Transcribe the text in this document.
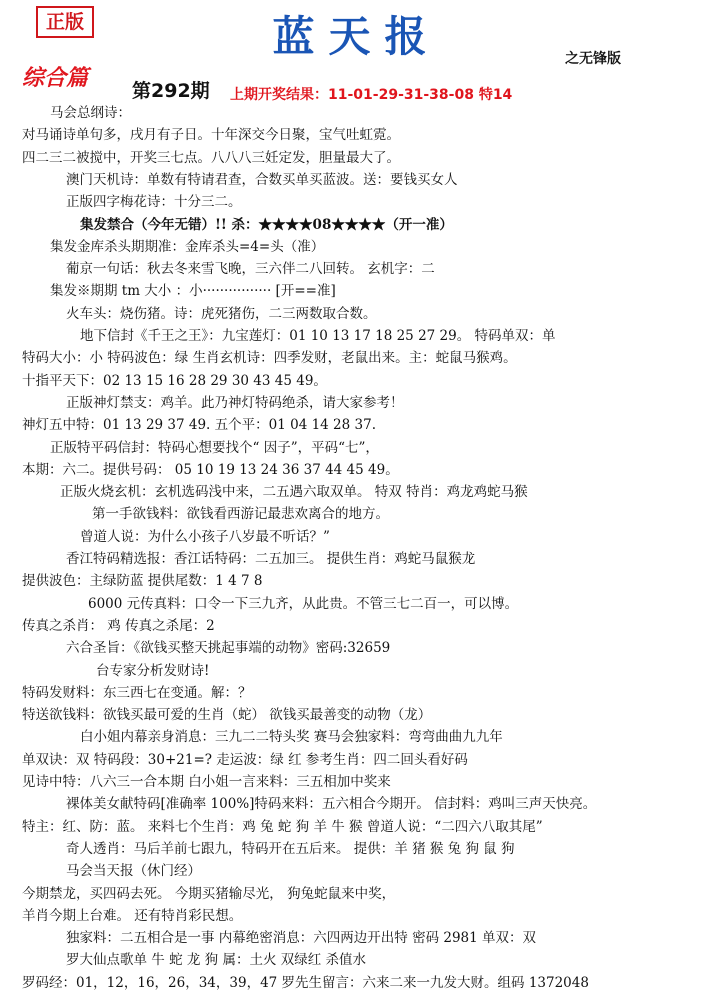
正版	蓝天报	之无锋版
综合篇 第292期 上期开奖结果：11-01-29-31-38-08 特14
马会总纲诗：
对马诵诗单句多，戌月有子日。十年深交今日聚，宝气吐虹霓。
四二三二被搅中，开奖三七点。八八八三妊定发，胆量最大了。
澳门天机诗：单数有特请君查，合数买单买蓝波。送：要钱买女人
正版四字梅花诗：十分三二。
集发禁合（今年无错）!! 杀：★★★★08★★★★（开一准）
集发金库杀头期期准：金库杀头=4=头（准）
葡京一句话：秋去冬来雪飞晚，三六伴二八回转。 玄机字：二
集发※期期 tm 大小 ：小················ [开==准]
火车头：烧伤猪。诗：虎死猪伤，二三两数取合数。
地下信封《千王之王》：九宝莲灯：01 10 13 17 18 25 27 29。 特码单双：单
特码大小：小 特码波色：绿 生肖玄机诗：四季发财，老鼠出来。主：蛇鼠马猴鸡。
十指平天下：02 13 15 16 28 29 30 43 45 49。
正版神灯禁支：鸡羊。此乃神灯特码绝杀，请大家参考！
神灯五中特：01 13 29 37 49. 五个平：01 04 14 28 37.
正版特平码信封：特码心想要找个“ 因子”，平码“七”，
本期：六二。提供号码： 05 10 19 13 24 36 37 44 45 49。
正版火烧玄机：玄机选码浅中来，二五遇六取双单。 特双 特肖：鸡龙鸡蛇马猴
第一手欲钱料：欲钱看西游记最悲欢离合的地方。
曾道人说：为什么小孩子八岁最不听话？”
香江特码精选报：香江话特码：二五加三。 提供生肖：鸡蛇马鼠猴龙
提供波色：主绿防蓝 提供尾数：1 4 7 8
6000 元传真料：口令一下三九齐，从此贵。不管三七二百一，可以博。
传真之杀肖： 鸡 传真之杀尾：2
六合圣旨：《欲钱买整天挑起事端的动物》密码:32659
台专家分析发财诗!
特码发财料：东三西七在变通。解：？
特送欲钱料：欲钱买最可爱的生肖（蛇） 欲钱买最善变的动物（龙）
白小姐内幕亲身消息：三九二二特头奖 赛马会独家料：弯弯曲曲九九年
单双诀：双 特码段：30+21=? 走运波：绿 红 参考生肖：四二回头看好码
见诗中特：八六三一合本期 白小姐一言来料：三五相加中奖来
裸体美女献特码[准确率 100%]特码来料：五六相合今期开。 信封料：鸡叫三声天快亮。
特主：红、防：蓝。 来料七个生肖：鸡 兔 蛇 狗 羊 牛 猴 曾道人说：“二四六八取其尾”
奇人透肖：马后羊前七跟九，特码开在五后来。 提供：羊 猪 猴 兔 狗 鼠 狗
马会当天报（休门经）
今期禁龙，买四码去死。 今期买猪输尽光， 狗兔蛇鼠来中奖，
羊肖今期上台难。 还有特肖彩民想。
独家料：二五相合是一事 内幕绝密消息：六四两边开出特 密码 2981 单双：双
罗大仙点歌单 牛 蛇 龙 狗 属：土火 双绿红 杀值水
罗码经：01，12，16，26，34，39，47 罗先生留言：六来二来一九发大财。组码 1372048
